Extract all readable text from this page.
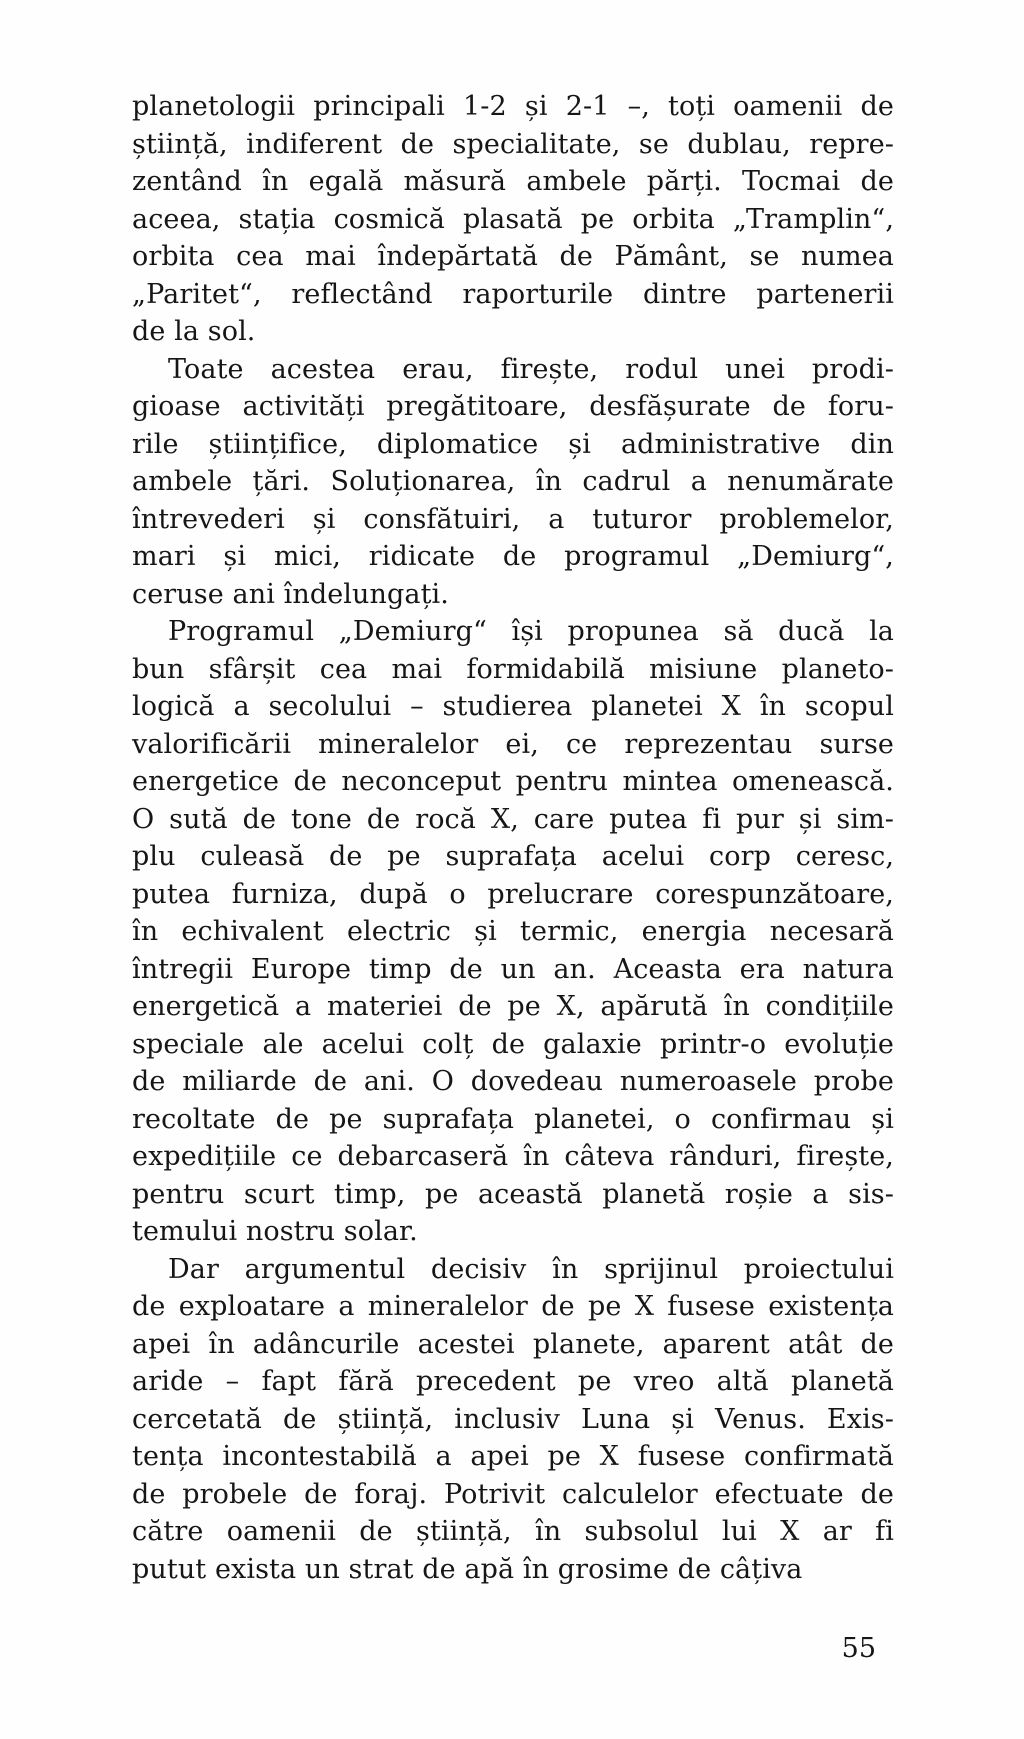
planetologii principali 1-2 și 2-1 –, toți oamenii de
știință, indiferent de specialitate, se dublau, repre-
zentând în egală măsură ambele părți. Tocmai de
aceea, stația cosmică plasată pe orbita „Tramplin“,
orbita cea mai îndepărtată de Pământ, se numea
„Paritet“, reflectând raporturile dintre partenerii
de la sol.
Toate acestea erau, firește, rodul unei prodi-
gioase activități pregătitoare, desfășurate de foru-
rile științifice, diplomatice și administrative din
ambele țări. Soluționarea, în cadrul a nenumărate
întrevederi și consfătuiri, a tuturor problemelor,
mari și mici, ridicate de programul „Demiurg“,
ceruse ani îndelungați.
Programul „Demiurg“ își propunea să ducă la
bun sfârșit cea mai formidabilă misiune planeto-
logică a secolului – studierea planetei X în scopul
valorificării mineralelor ei, ce reprezentau surse
energetice de neconceput pentru mintea omenească.
O sută de tone de rocă X, care putea fi pur și sim-
plu culeasă de pe suprafața acelui corp ceresc,
putea furniza, după o prelucrare corespunzătoare,
în echivalent electric și termic, energia necesară
întregii Europe timp de un an. Aceasta era natura
energetică a materiei de pe X, apărută în condițiile
speciale ale acelui colț de galaxie printr-o evoluție
de miliarde de ani. O dovedeau numeroasele probe
recoltate de pe suprafața planetei, o confirmau și
expedițiile ce debarcaseră în câteva rânduri, firește,
pentru scurt timp, pe această planetă roșie a sis-
temului nostru solar.
Dar argumentul decisiv în sprijinul proiectului
de exploatare a mineralelor de pe X fusese existența
apei în adâncurile acestei planete, aparent atât de
aride – fapt fără precedent pe vreo altă planetă
cercetată de știință, inclusiv Luna și Venus. Exis-
tența incontestabilă a apei pe X fusese confirmată
de probele de foraj. Potrivit calculelor efectuate de
către oamenii de știință, în subsolul lui X ar fi
putut exista un strat de apă în grosime de câțiva
55
